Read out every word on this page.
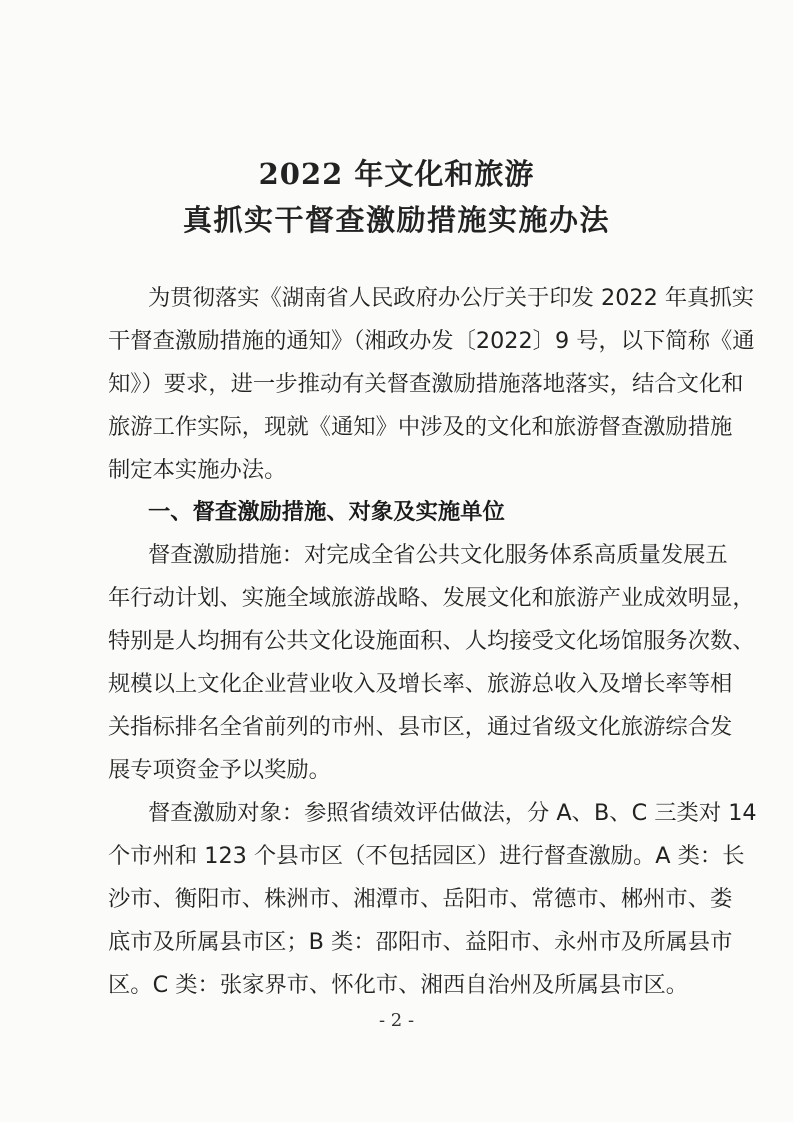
2022 年文化和旅游
真抓实干督查激励措施实施办法
为贯彻落实《湖南省人民政府办公厅关于印发 2022 年真抓实
干督查激励措施的通知》（湘政办发〔2022〕9 号，以下简称《通
知》）要求，进一步推动有关督查激励措施落地落实，结合文化和
旅游工作实际，现就《通知》中涉及的文化和旅游督查激励措施
制定本实施办法。
一、督查激励措施、对象及实施单位
督查激励措施：对完成全省公共文化服务体系高质量发展五
年行动计划、实施全域旅游战略、发展文化和旅游产业成效明显，
特别是人均拥有公共文化设施面积、人均接受文化场馆服务次数、
规模以上文化企业营业收入及增长率、旅游总收入及增长率等相
关指标排名全省前列的市州、县市区，通过省级文化旅游综合发
展专项资金予以奖励。
督查激励对象：参照省绩效评估做法，分 A、B、C 三类对 14
个市州和 123 个县市区（不包括园区）进行督查激励。A 类：长
沙市、衡阳市、株洲市、湘潭市、岳阳市、常德市、郴州市、娄
底市及所属县市区；B 类：邵阳市、益阳市、永州市及所属县市
区。C 类：张家界市、怀化市、湘西自治州及所属县市区。
- 2 -
